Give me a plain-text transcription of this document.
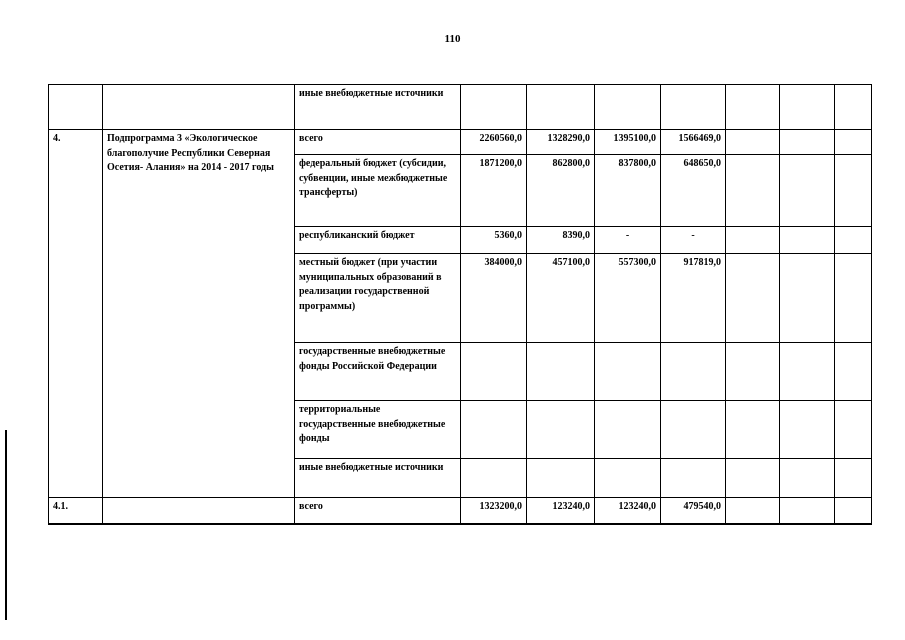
110
		иные внебюджетные источники							
4.	Подпрограмма 3 «Экологическое благополучие Республики Северная Осетия- Алания» на 2014 - 2017 годы	всего	2260560,0	1328290,0	1395100,0	1566469,0			
		федеральный бюджет (субсидии, субвенции, иные межбюджетные трансферты)	1871200,0	862800,0	837800,0	648650,0			
		республиканский бюджет	5360,0	8390,0	-	-			
		местный бюджет (при участии муниципальных образований в реализации государственной программы)	384000,0	457100,0	557300,0	917819,0			
		государственные внебюджетные фонды Российской Федерации							
		территориальные государственные внебюджетные фонды							
		иные внебюджетные источники							
4.1.		всего	1323200,0	123240,0	123240,0	479540,0			
